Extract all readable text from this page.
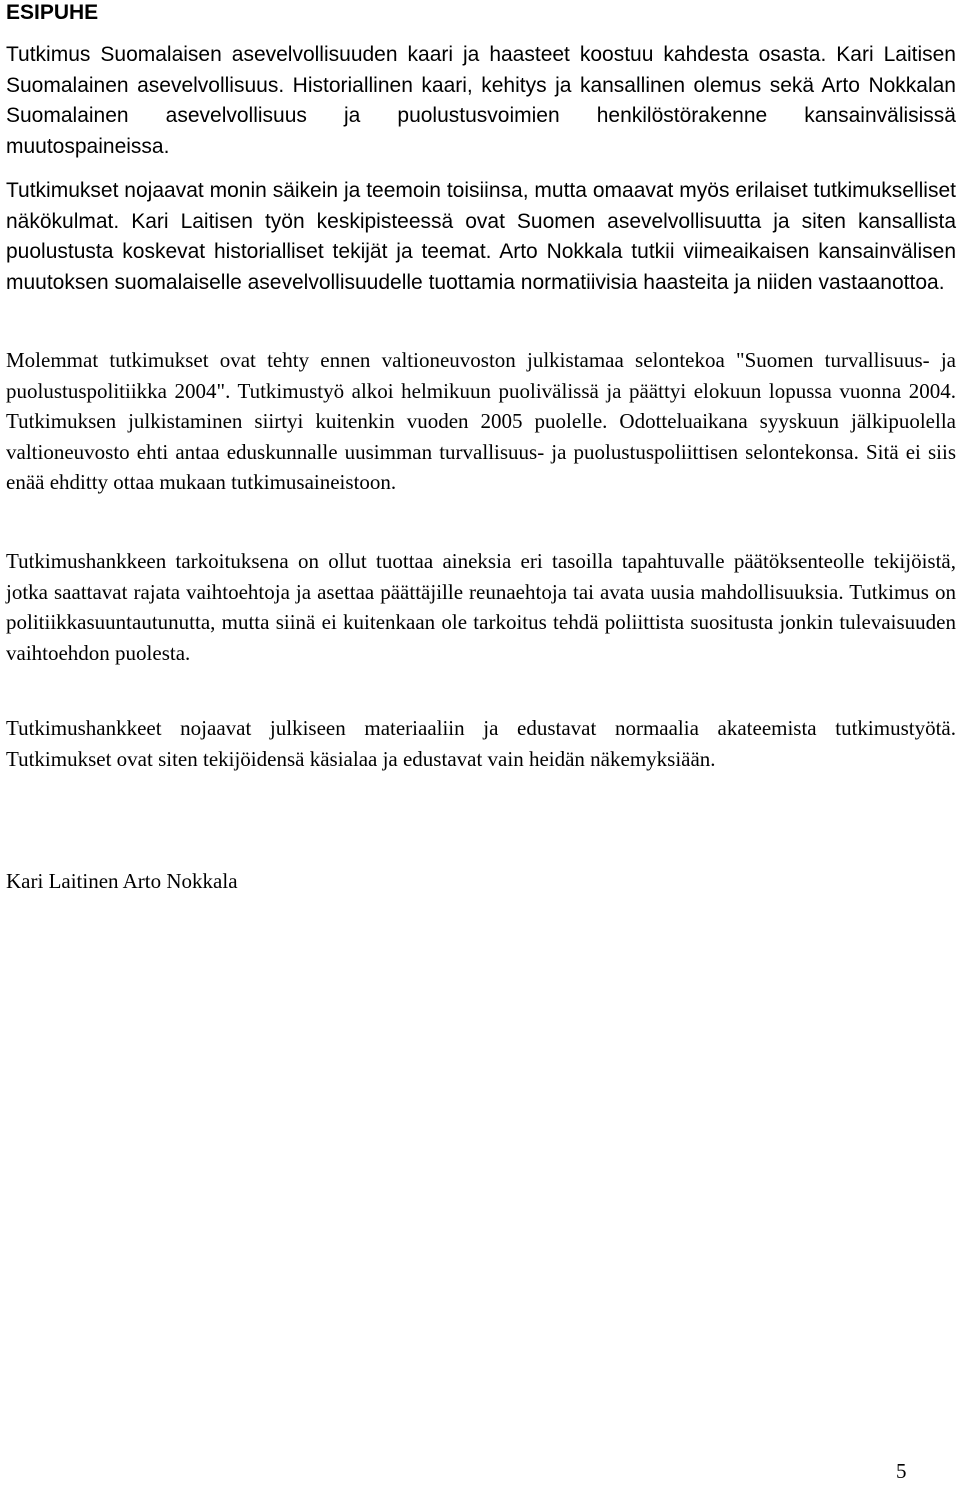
ESIPUHE

Tutkimus Suomalaisen asevelvollisuuden kaari ja haasteet koostuu kahdesta osasta. Kari Laitisen Suomalainen asevelvollisuus. Historiallinen kaari, kehitys ja kansallinen olemus sekä Arto Nokkalan Suomalainen asevelvollisuus ja puolustusvoimien henkilöstörakenne kansainvälisissä muutospaineissa.

Tutkimukset nojaavat monin säikein ja teemoin toisiinsa, mutta omaavat myös erilaiset tutkimukselliset näkökulmat. Kari Laitisen työn keskipisteessä ovat Suomen asevelvollisuutta ja siten kansallista puolustusta koskevat historialliset tekijät ja teemat. Arto Nokkala tutkii viimeaikaisen kansainvälisen muutoksen suomalaiselle asevelvollisuudelle tuottamia normatiivisia haasteita ja niiden vastaanottoa.

Molemmat tutkimukset ovat tehty ennen valtioneuvoston julkistamaa selontekoa "Suomen turvallisuus- ja puolustuspolitiikka 2004". Tutkimustyö alkoi helmikuun puolivälissä ja päättyi elokuun lopussa vuonna 2004. Tutkimuksen julkistaminen siirtyi kuitenkin vuoden 2005 puolelle. Odotteluaikana syyskuun jälkipuolella valtioneuvosto ehti antaa eduskunnalle uusimman turvallisuus- ja puolustuspoliittisen selontekonsa. Sitä ei siis enää ehditty ottaa mukaan tutkimusaineistoon.

Tutkimushankkeen tarkoituksena on ollut tuottaa aineksia eri tasoilla tapahtuvalle päätöksenteolle tekijöistä, jotka saattavat rajata vaihtoehtoja ja asettaa päättäjille reunaehtoja tai avata uusia mahdollisuuksia. Tutkimus on politiikkasuuntautunutta, mutta siinä ei kuitenkaan ole tarkoitus tehdä poliittista suositusta jonkin tulevaisuuden vaihtoehdon puolesta.

Tutkimushankkeet nojaavat julkiseen materiaaliin ja edustavat normaalia akateemista tutkimustyötä. Tutkimukset ovat siten tekijöidensä käsialaa ja edustavat vain heidän näkemyksiään.

Kari Laitinen Arto Nokkala

5
